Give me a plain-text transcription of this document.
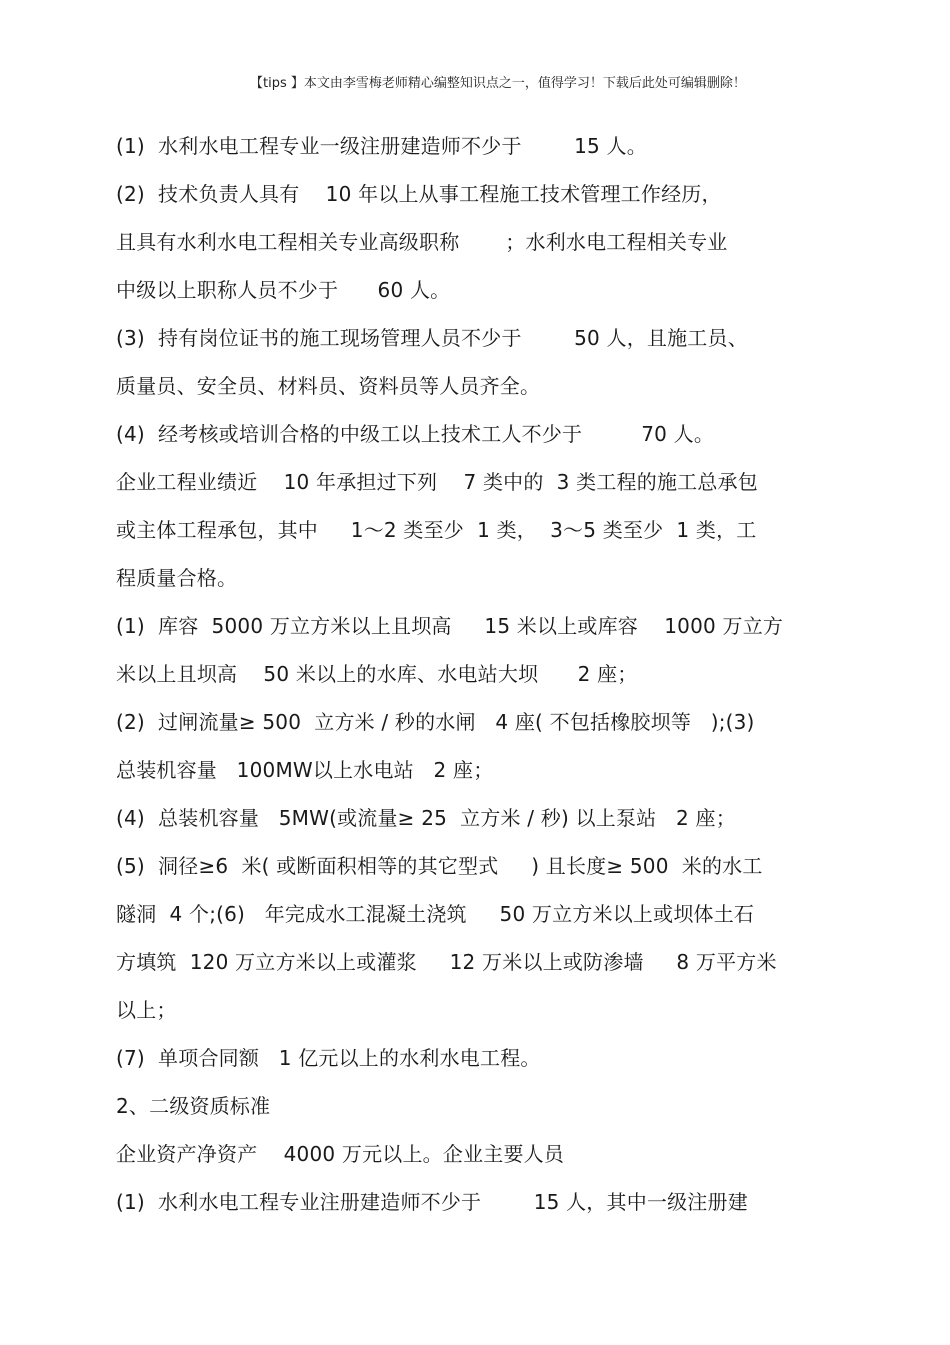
【tips 】本文由李雪梅老师精心编整知识点之一，值得学习！下载后此处可编辑删除！
(1)  水利水电工程专业一级注册建造师不少于        15 人。
(2)  技术负责人具有    10 年以上从事工程施工技术管理工作经历，
且具有水利水电工程相关专业高级职称       ；水利水电工程相关专业
中级以上职称人员不少于      60 人。
(3)  持有岗位证书的施工现场管理人员不少于        50 人，且施工员、
质量员、安全员、材料员、资料员等人员齐全。
(4)  经考核或培训合格的中级工以上技术工人不少于         70 人。
企业工程业绩近    10 年承担过下列    7 类中的  3 类工程的施工总承包
或主体工程承包，其中     1～2 类至少  1 类，  3～5 类至少  1 类，工
程质量合格。
(1)  库容  5000 万立方米以上且坝高     15 米以上或库容    1000 万立方
米以上且坝高    50 米以上的水库、水电站大坝      2 座；
(2)  过闸流量≥ 500  立方米 / 秒的水闸   4 座( 不包括橡胶坝等   );(3)
总装机容量   100MW以上水电站   2 座；
(4)  总装机容量   5MW(或流量≥ 25  立方米 / 秒) 以上泵站   2 座；
(5)  洞径≥6  米( 或断面积相等的其它型式     ) 且长度≥ 500  米的水工
隧洞  4 个;(6)   年完成水工混凝土浇筑     50 万立方米以上或坝体土石
方填筑  120 万立方米以上或灌浆     12 万米以上或防渗墙     8 万平方米
以上；
(7)  单项合同额   1 亿元以上的水利水电工程。
2、二级资质标准
企业资产净资产    4000 万元以上。企业主要人员
(1)  水利水电工程专业注册建造师不少于        15 人，其中一级注册建
